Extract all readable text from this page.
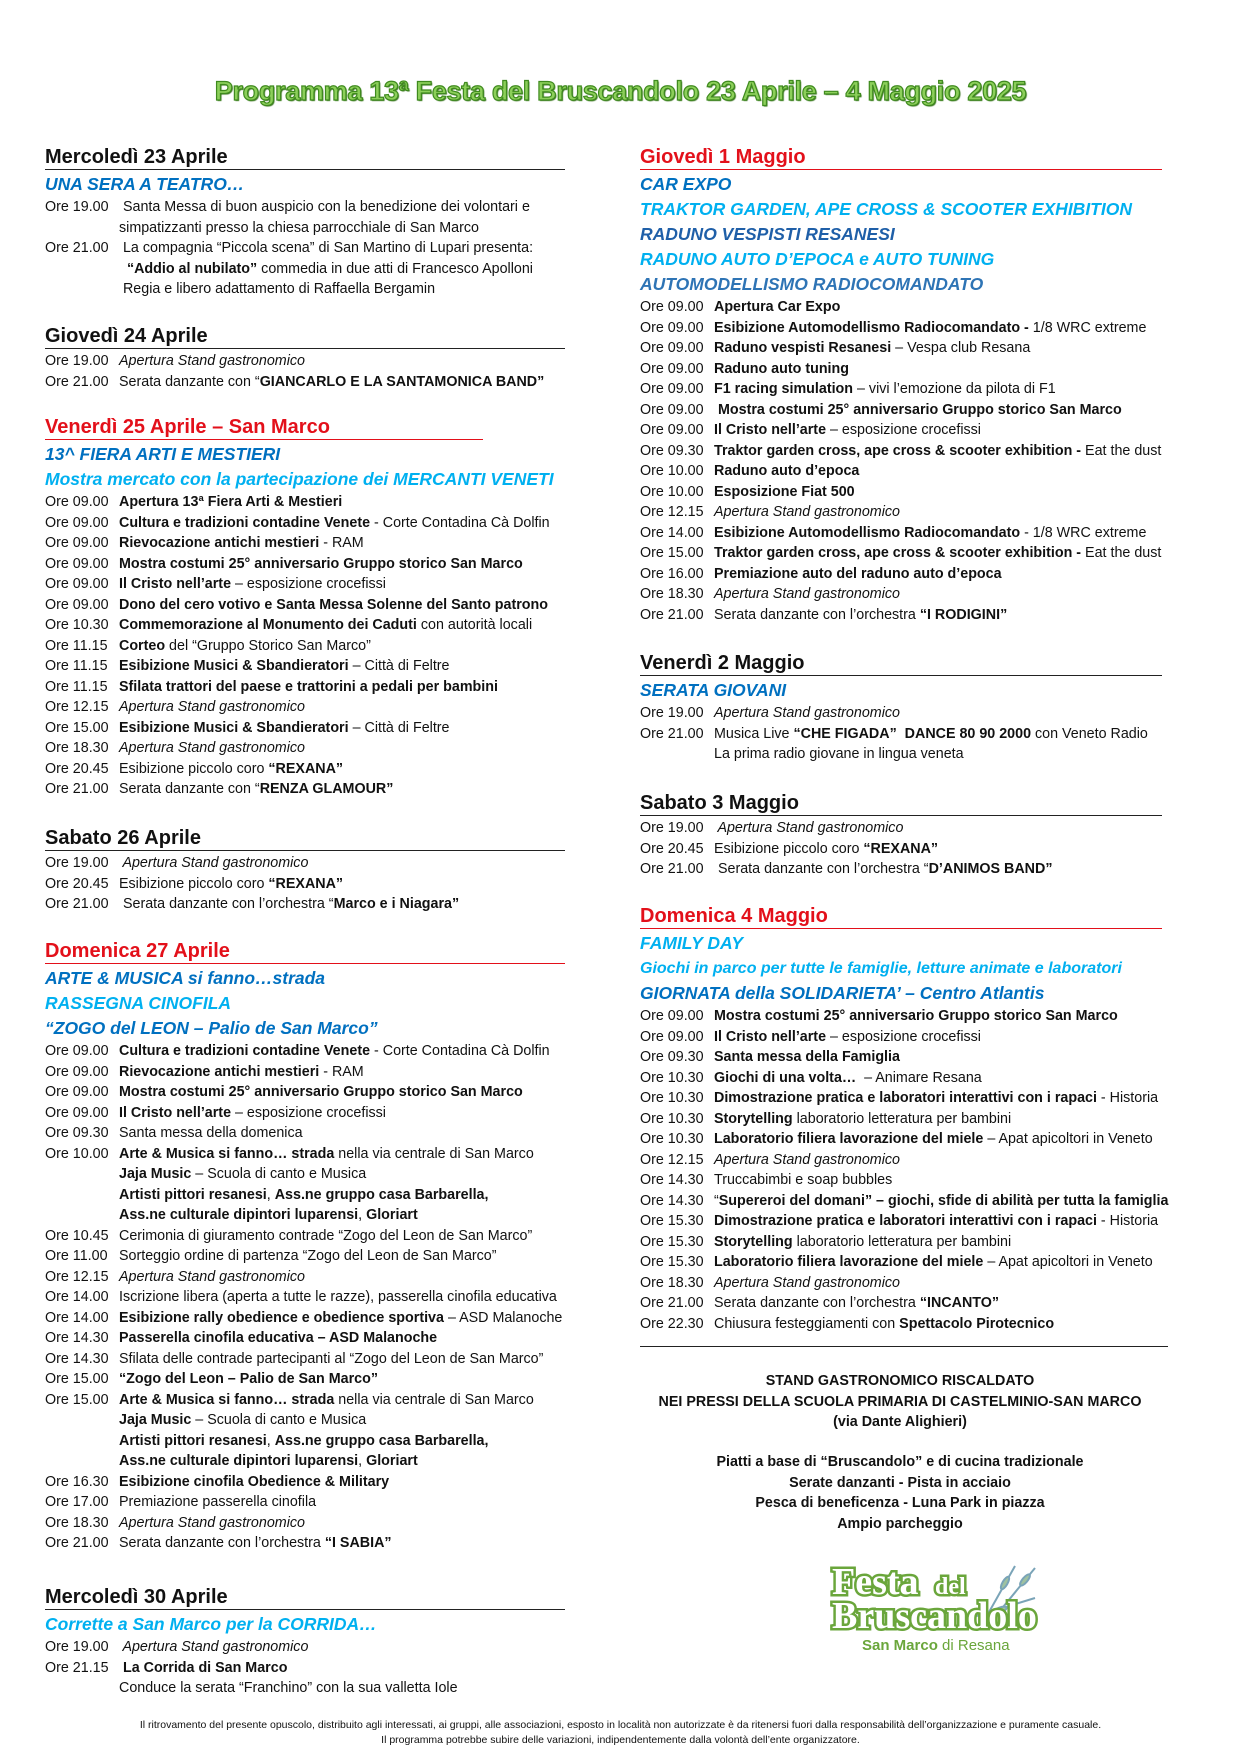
Programma 13ª Festa del Bruscandolo 23 Aprile – 4 Maggio 2025
Mercoledì 23 Aprile
UNA SERA A TEATRO…
Ore 19.00 Santa Messa di buon auspicio con la benedizione dei volontari e
simpatizzanti presso la chiesa parrocchiale di San Marco
Ore 21.00 La compagnia “Piccola scena” di San Martino di Lupari presenta:
“Addio al nubilato” commedia in due atti di Francesco Apolloni
Regia e libero adattamento di Raffaella Bergamin
Giovedì 24 Aprile
Ore 19.00 Apertura Stand gastronomico
Ore 21.00 Serata danzante con “GIANCARLO E LA SANTAMONICA BAND”
Venerdì 25 Aprile – San Marco
13^ FIERA ARTI E MESTIERI
Mostra mercato con la partecipazione dei MERCANTI VENETI
Ore 09.00 Apertura 13ª Fiera Arti & Mestieri
Ore 09.00 Cultura e tradizioni contadine Venete - Corte Contadina Cà Dolfin
Ore 09.00 Rievocazione antichi mestieri - RAM
Ore 09.00 Mostra costumi 25° anniversario Gruppo storico San Marco
Ore 09.00 Il Cristo nell’arte – esposizione crocefissi
Ore 09.00 Dono del cero votivo e Santa Messa Solenne del Santo patrono
Ore 10.30 Commemorazione al Monumento dei Caduti con autorità locali
Ore 11.15 Corteo del “Gruppo Storico San Marco”
Ore 11.15 Esibizione Musici & Sbandieratori – Città di Feltre
Ore 11.15 Sfilata trattori del paese e trattorini a pedali per bambini
Ore 12.15 Apertura Stand gastronomico
Ore 15.00 Esibizione Musici & Sbandieratori – Città di Feltre
Ore 18.30 Apertura Stand gastronomico
Ore 20.45 Esibizione piccolo coro “REXANA”
Ore 21.00 Serata danzante con “RENZA GLAMOUR”
Sabato 26 Aprile
Ore 19.00 Apertura Stand gastronomico
Ore 20.45 Esibizione piccolo coro “REXANA”
Ore 21.00 Serata danzante con l’orchestra “Marco e i Niagara”
Domenica 27 Aprile
ARTE & MUSICA si fanno…strada
RASSEGNA CINOFILA
“ZOGO del LEON – Palio de San Marco”
Ore 09.00 Cultura e tradizioni contadine Venete - Corte Contadina Cà Dolfin
Ore 09.00 Rievocazione antichi mestieri - RAM
Ore 09.00 Mostra costumi 25° anniversario Gruppo storico San Marco
Ore 09.00 Il Cristo nell’arte – esposizione crocefissi
Ore 09.30 Santa messa della domenica
Ore 10.00 Arte & Musica si fanno… strada nella via centrale di San Marco
Jaja Music – Scuola di canto e Musica
Artisti pittori resanesi, Ass.ne gruppo casa Barbarella,
Ass.ne culturale dipintori luparensi, Gloriart
Ore 10.45 Cerimonia di giuramento contrade “Zogo del Leon de San Marco”
Ore 11.00 Sorteggio ordine di partenza “Zogo del Leon de San Marco”
Ore 12.15 Apertura Stand gastronomico
Ore 14.00 Iscrizione libera (aperta a tutte le razze), passerella cinofila educativa
Ore 14.00 Esibizione rally obedience e obedience sportiva – ASD Malanoche
Ore 14.30 Passerella cinofila educativa – ASD Malanoche
Ore 14.30 Sfilata delle contrade partecipanti al “Zogo del Leon de San Marco”
Ore 15.00 “Zogo del Leon – Palio de San Marco”
Ore 15.00 Arte & Musica si fanno… strada nella via centrale di San Marco
Jaja Music – Scuola di canto e Musica
Artisti pittori resanesi, Ass.ne gruppo casa Barbarella,
Ass.ne culturale dipintori luparensi, Gloriart
Ore 16.30 Esibizione cinofila Obedience & Military
Ore 17.00 Premiazione passerella cinofila
Ore 18.30 Apertura Stand gastronomico
Ore 21.00 Serata danzante con l’orchestra “I SABIA”
Mercoledì 30 Aprile
Corrette a San Marco per la CORRIDA…
Ore 19.00 Apertura Stand gastronomico
Ore 21.15 La Corrida di San Marco
Conduce la serata “Franchino” con la sua valletta Iole
Giovedì 1 Maggio
CAR EXPO
TRAKTOR GARDEN, APE CROSS & SCOOTER EXHIBITION
RADUNO VESPISTI RESANESI
RADUNO AUTO D’EPOCA e AUTO TUNING
AUTOMODELLISMO RADIOCOMANDATO
Ore 09.00 Apertura Car Expo
Ore 09.00 Esibizione Automodellismo Radiocomandato - 1/8 WRC extreme
Ore 09.00 Raduno vespisti Resanesi – Vespa club Resana
Ore 09.00 Raduno auto tuning
Ore 09.00 F1 racing simulation – vivi l’emozione da pilota di F1
Ore 09.00 Mostra costumi 25° anniversario Gruppo storico San Marco
Ore 09.00 Il Cristo nell’arte – esposizione crocefissi
Ore 09.30 Traktor garden cross, ape cross & scooter exhibition - Eat the dust
Ore 10.00 Raduno auto d’epoca
Ore 10.00 Esposizione Fiat 500
Ore 12.15 Apertura Stand gastronomico
Ore 14.00 Esibizione Automodellismo Radiocomandato - 1/8 WRC extreme
Ore 15.00 Traktor garden cross, ape cross & scooter exhibition - Eat the dust
Ore 16.00 Premiazione auto del raduno auto d’epoca
Ore 18.30 Apertura Stand gastronomico
Ore 21.00 Serata danzante con l’orchestra “I RODIGINI”
Venerdì 2 Maggio
SERATA GIOVANI
Ore 19.00 Apertura Stand gastronomico
Ore 21.00 Musica Live “CHE FIGADA”  DANCE 80 90 2000 con Veneto Radio
La prima radio giovane in lingua veneta
Sabato 3 Maggio
Ore 19.00 Apertura Stand gastronomico
Ore 20.45 Esibizione piccolo coro “REXANA”
Ore 21.00 Serata danzante con l’orchestra “D’ANIMOS BAND”
Domenica 4 Maggio
FAMILY DAY
Giochi in parco per tutte le famiglie, letture animate e laboratori
GIORNATA della SOLIDARIETA’ – Centro Atlantis
Ore 09.00 Mostra costumi 25° anniversario Gruppo storico San Marco
Ore 09.00 Il Cristo nell’arte – esposizione crocefissi
Ore 09.30 Santa messa della Famiglia
Ore 10.30 Giochi di una volta…  – Animare Resana
Ore 10.30 Dimostrazione pratica e laboratori interattivi con i rapaci - Historia
Ore 10.30 Storytelling laboratorio letteratura per bambini
Ore 10.30 Laboratorio filiera lavorazione del miele – Apat apicoltori in Veneto
Ore 12.15 Apertura Stand gastronomico
Ore 14.30 Truccabimbi e soap bubbles
Ore 14.30 “Supereroi del domani” – giochi, sfide di abilità per tutta la famiglia
Ore 15.30 Dimostrazione pratica e laboratori interattivi con i rapaci - Historia
Ore 15.30 Storytelling laboratorio letteratura per bambini
Ore 15.30 Laboratorio filiera lavorazione del miele – Apat apicoltori in Veneto
Ore 18.30 Apertura Stand gastronomico
Ore 21.00 Serata danzante con l’orchestra “INCANTO”
Ore 22.30 Chiusura festeggiamenti con Spettacolo Pirotecnico
STAND GASTRONOMICO RISCALDATO
NEI PRESSI DELLA SCUOLA PRIMARIA DI CASTELMINIO-SAN MARCO
(via Dante Alighieri)
Piatti a base di “Bruscandolo” e di cucina tradizionale
Serate danzanti - Pista in acciaio
Pesca di beneficenza - Luna Park in piazza
Ampio parcheggio
Festa del
Bruscandolo
San Marco di Resana
Il ritrovamento del presente opuscolo, distribuito agli interessati, ai gruppi, alle associazioni, esposto in località non autorizzate è da ritenersi fuori dalla responsabilità dell’organizzazione e puramente casuale.
Il programma potrebbe subire delle variazioni, indipendentemente dalla volontà dell’ente organizzatore.
